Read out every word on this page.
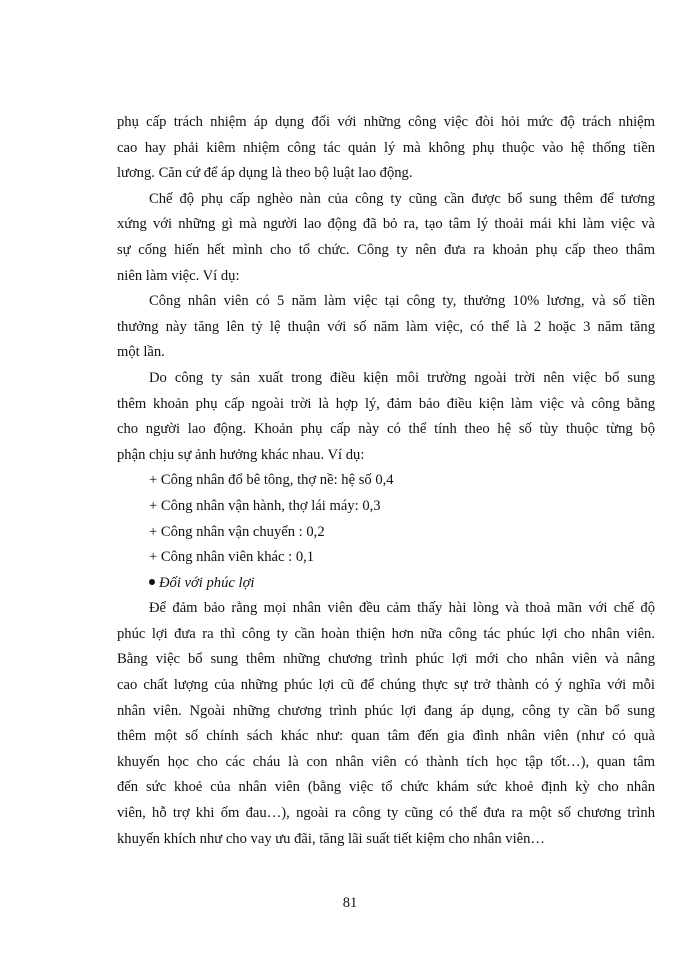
phụ cấp trách nhiệm áp dụng đối với những công việc đòi hỏi mức độ trách nhiệm

cao hay phải kiêm nhiệm công tác quản lý mà không phụ thuộc vào hệ thống tiền

lương. Căn cứ để áp dụng là theo bộ luật lao động.

Chế độ phụ cấp nghèo nàn của công ty cũng cần được bổ sung thêm để tương

xứng với những gì mà người lao động đã bỏ ra, tạo tâm lý thoải mái khi làm việc và

sự cống hiến hết mình cho tổ chức. Công ty nên đưa ra khoản phụ cấp theo thâm

niên làm việc. Ví dụ:

Công nhân viên có 5 năm làm việc tại công ty, thưởng 10% lương, và số tiền

thưởng này tăng lên tỷ lệ thuận với số năm làm việc, có thể là 2 hoặc 3 năm tăng

một lần.

Do công ty sản xuất trong điều kiện môi trường ngoài trời nên việc bổ sung

thêm khoản phụ cấp ngoài trời là hợp lý, đảm bảo điều kiện làm việc và công bằng

cho người lao động. Khoản phụ cấp này có thể tính theo hệ số tùy thuộc từng bộ

phận chịu sự ảnh hưởng khác nhau. Ví dụ:

+ Công nhân đổ bê tông, thợ nề: hệ số 0,4

+ Công nhân vận hành, thợ lái máy: 0,3

+ Công nhân vận chuyển : 0,2

+ Công nhân viên khác : 0,1

Đối với phúc lợi

Để đảm bảo rằng mọi nhân viên đều cảm thấy hài lòng và thoả mãn với chế độ

phúc lợi đưa ra thì công ty cần hoàn thiện hơn nữa công tác phúc lợi cho nhân viên.

Bằng việc bổ sung thêm những chương trình phúc lợi mới cho nhân viên và nâng

cao chất lượng của những phúc lợi cũ để chúng thực sự trở thành có ý nghĩa với mỗi

nhân viên. Ngoài những chương trình phúc lợi đang áp dụng, công ty cần bổ sung

thêm một số chính sách khác như: quan tâm đến gia đình nhân viên (như có quà

khuyến học cho các cháu là con nhân viên có thành tích học tập tốt…), quan tâm

đến sức khoẻ của nhân viên (bằng việc tổ chức khám sức khoẻ định kỳ cho nhân

viên, hỗ trợ khi ốm đau…), ngoài ra công ty cũng có thể đưa ra một số chương trình

khuyến khích như cho vay ưu đãi, tăng lãi suất tiết kiệm cho nhân viên…

81
